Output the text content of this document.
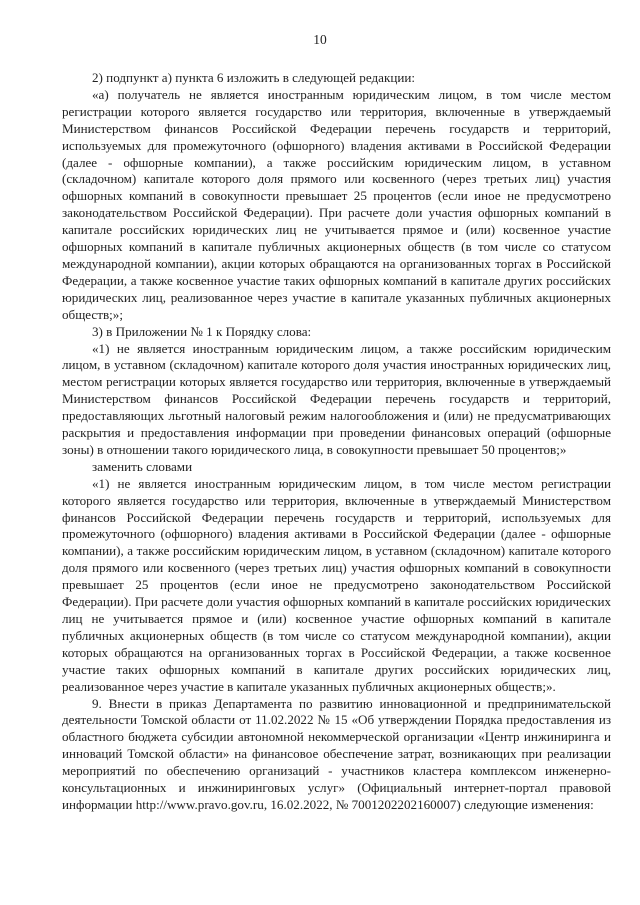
10

2) подпункт а) пункта 6 изложить в следующей редакции:

«а) получатель не является иностранным юридическим лицом, в том числе местом регистрации которого является государство или территория, включенные в утверждаемый Министерством финансов Российской Федерации перечень государств и территорий, используемых для промежуточного (офшорного) владения активами в Российской Федерации (далее - офшорные компании), а также российским юридическим лицом, в уставном (складочном) капитале которого доля прямого или косвенного (через третьих лиц) участия офшорных компаний в совокупности превышает 25 процентов (если иное не предусмотрено законодательством Российской Федерации). При расчете доли участия офшорных компаний в капитале российских юридических лиц не учитывается прямое и (или) косвенное участие офшорных компаний в капитале публичных акционерных обществ (в том числе со статусом международной компании), акции которых обращаются на организованных торгах в Российской Федерации, а также косвенное участие таких офшорных компаний в капитале других российских юридических лиц, реализованное через участие в капитале указанных публичных акционерных обществ;»;

3) в Приложении № 1 к Порядку слова:

«1) не является иностранным юридическим лицом, а также российским юридическим лицом, в уставном (складочном) капитале которого доля участия иностранных юридических лиц, местом регистрации которых является государство или территория, включенные в утверждаемый Министерством финансов Российской Федерации перечень государств и территорий, предоставляющих льготный налоговый режим налогообложения и (или) не предусматривающих раскрытия и предоставления информации при проведении финансовых операций (офшорные зоны) в отношении такого юридического лица, в совокупности превышает 50 процентов;»

заменить словами

«1) не является иностранным юридическим лицом, в том числе местом регистрации которого является государство или территория, включенные в утверждаемый Министерством финансов Российской Федерации перечень государств и территорий, используемых для промежуточного (офшорного) владения активами в Российской Федерации (далее - офшорные компании), а также российским юридическим лицом, в уставном (складочном) капитале которого доля прямого или косвенного (через третьих лиц) участия офшорных компаний в совокупности превышает 25 процентов (если иное не предусмотрено законодательством Российской Федерации). При расчете доли участия офшорных компаний в капитале российских юридических лиц не учитывается прямое и (или) косвенное участие офшорных компаний в капитале публичных акционерных обществ (в том числе со статусом международной компании), акции которых обращаются на организованных торгах в Российской Федерации, а также косвенное участие таких офшорных компаний в капитале других российских юридических лиц, реализованное через участие в капитале указанных публичных акционерных обществ;».

9. Внести в приказ Департамента по развитию инновационной и предпринимательской деятельности Томской области от 11.02.2022 № 15 «Об утверждении Порядка предоставления из областного бюджета субсидии автономной некоммерческой организации «Центр инжиниринга и инноваций Томской области» на финансовое обеспечение затрат, возникающих при реализации мероприятий по обеспечению организаций - участников кластера комплексом инженерно-консультационных и инжиниринговых услуг» (Официальный интернет-портал правовой информации http://www.pravo.gov.ru, 16.02.2022, № 7001202202160007) следующие изменения:
